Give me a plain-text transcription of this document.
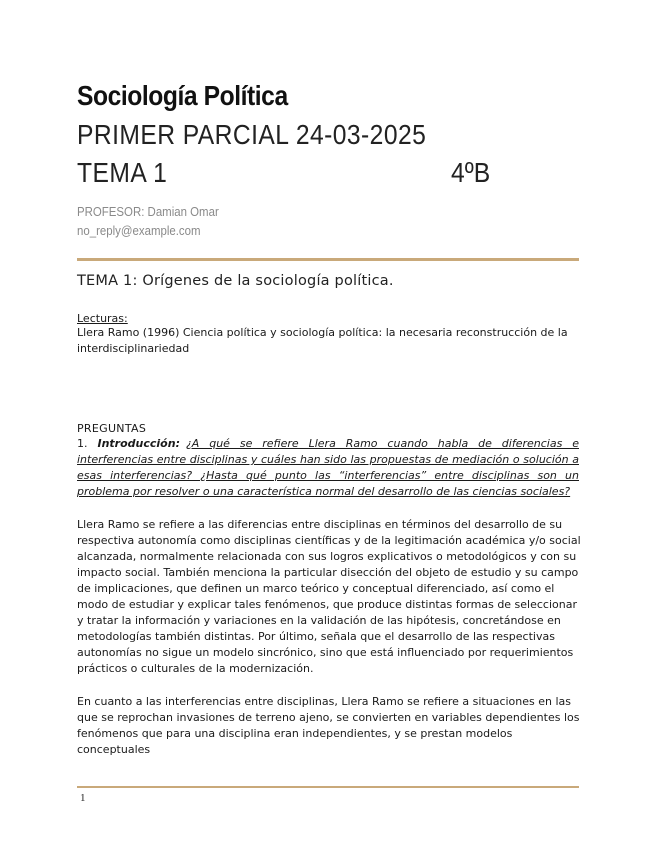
Sociología Política
PRIMER PARCIAL 24-03-2025
TEMA 1	4ºB
PROFESOR: Damian Omar
no_reply@example.com
TEMA 1: Orígenes de la sociología política.
Lecturas:
Llera Ramo (1996) Ciencia política y sociología política: la necesaria reconstrucción de la interdisciplinariedad
PREGUNTAS
1. Introducción: ¿A qué se refiere Llera Ramo cuando habla de diferencias e interferencias entre disciplinas y cuáles han sido las propuestas de mediación o solución a esas interferencias? ¿Hasta qué punto las “interferencias” entre disciplinas son un problema por resolver o una característica normal del desarrollo de las ciencias sociales?
Llera Ramo se refiere a las diferencias entre disciplinas en términos del desarrollo de su respectiva autonomía como disciplinas científicas y de la legitimación académica y/o social alcanzada, normalmente relacionada con sus logros explicativos o metodológicos y con su impacto social. También menciona la particular disección del objeto de estudio y su campo de implicaciones, que definen un marco teórico y conceptual diferenciado, así como el modo de estudiar y explicar tales fenómenos, que produce distintas formas de seleccionar y tratar la información y variaciones en la validación de las hipótesis, concretándose en metodologías también distintas. Por último, señala que el desarrollo de las respectivas autonomías no sigue un modelo sincrónico, sino que está influenciado por requerimientos prácticos o culturales de la modernización.
En cuanto a las interferencias entre disciplinas, Llera Ramo se refiere a situaciones en las que se reprochan invasiones de terreno ajeno, se convierten en variables dependientes los fenómenos que para una disciplina eran independientes, y se prestan modelos conceptuales
1
